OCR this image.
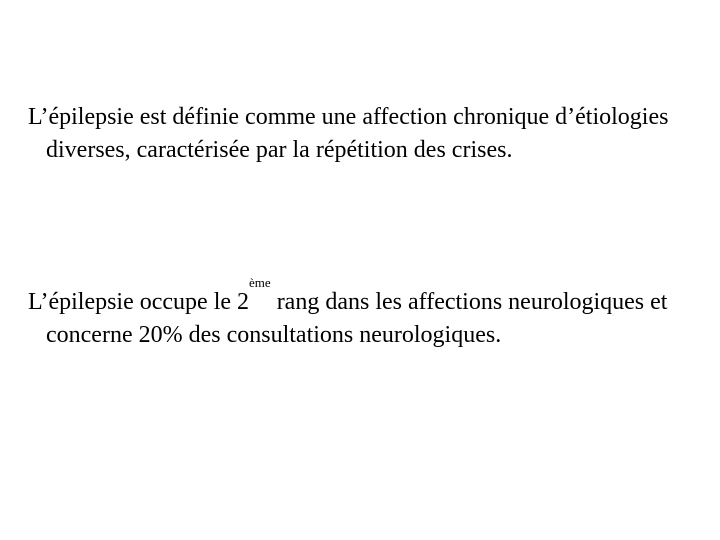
L’épilepsie est définie comme une affection chronique d’étiologies diverses, caractérisée par la répétition des crises.

L’épilepsie occupe le 2ème rang dans les affections neurologiques et concerne 20% des consultations neurologiques.
